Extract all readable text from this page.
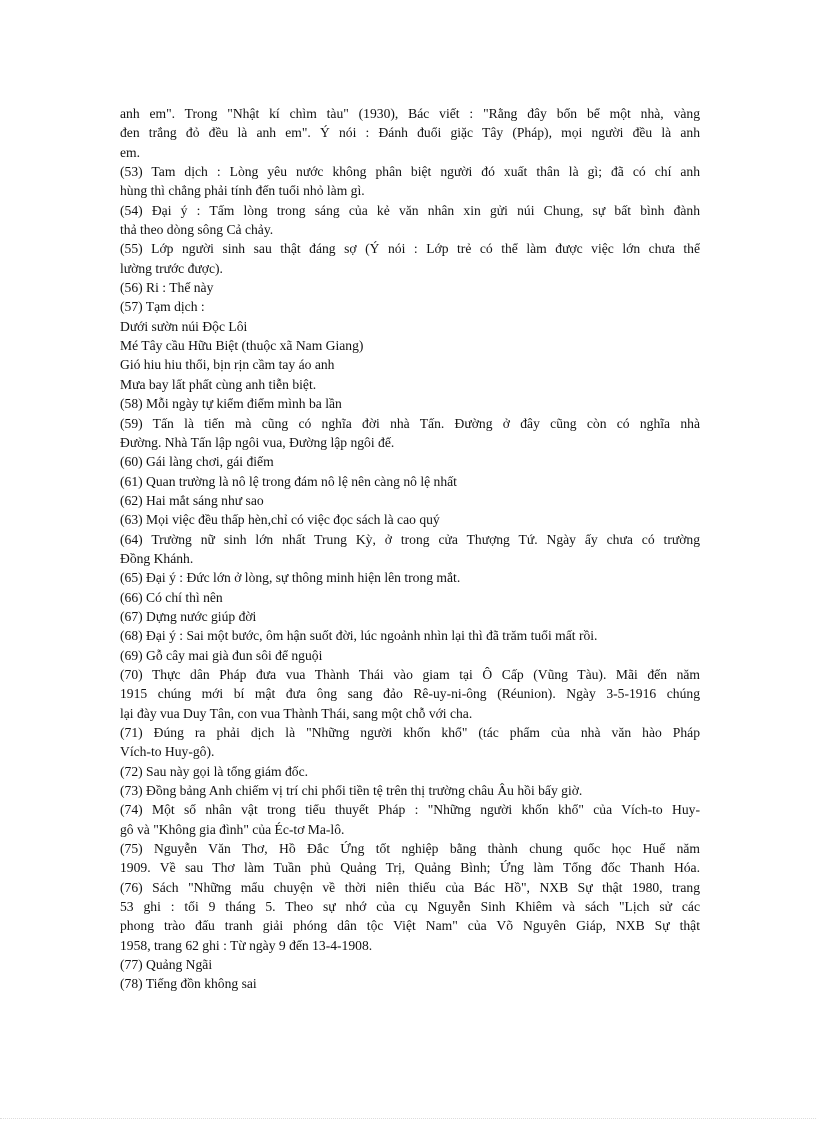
anh em". Trong "Nhật kí chìm tàu" (1930), Bác viết : "Rằng đây bốn bể một nhà, vàng
đen trắng đỏ đều là anh em". Ý nói : Đánh đuổi giặc Tây (Pháp), mọi người đều là anh
em.
(53) Tam dịch : Lòng yêu nước không phân biệt người đó xuất thân là gì; đã có chí anh
hùng thì chẳng phải tính đến tuổi nhỏ làm gì.
(54) Đại ý : Tấm lòng trong sáng của kẻ văn nhân xin gửi núi Chung, sự bất bình đành
thả theo dòng sông Cả chảy.
(55) Lớp người sinh sau thật đáng sợ (Ý nói : Lớp trẻ có thể làm được việc lớn chưa thể
lường trước được).
(56) Ri : Thế này
(57) Tạm dịch :
Dưới sườn núi Độc Lôi
Mé Tây cầu Hữu Biệt (thuộc xã Nam Giang)
Gió hiu hiu thổi, bịn rịn cầm tay áo anh
Mưa bay lất phất cùng anh tiễn biệt.
(58) Mỗi ngày tự kiểm điểm mình ba lần
(59) Tấn là tiến mà cũng có nghĩa đời nhà Tấn. Đường ở đây cũng còn có nghĩa nhà
Đường. Nhà Tấn lập ngôi vua, Đường lập ngôi đế.
(60) Gái làng chơi, gái điếm
(61) Quan trường là nô lệ trong đám nô lệ nên càng nô lệ nhất
(62) Hai mắt sáng như sao
(63) Mọi việc đều thấp hèn,chỉ có việc đọc sách là cao quý
(64) Trường nữ sinh lớn nhất Trung Kỳ, ở trong cửa Thượng Tứ. Ngày ấy chưa có trường
Đồng Khánh.
(65) Đại ý : Đức lớn ở lòng, sự thông minh hiện lên trong mắt.
(66) Có chí thì nên
(67) Dựng nước giúp đời
(68) Đại ý : Sai một bước, ôm hận suốt đời, lúc ngoảnh nhìn lại thì đã trăm tuổi mất rồi.
(69) Gỗ cây mai già đun sôi để nguội
(70) Thực dân Pháp đưa vua Thành Thái vào giam tại Ô Cấp (Vũng Tàu). Mãi đến năm
1915 chúng mới bí mật đưa ông sang đảo Rê-uy-ni-ông (Réunion). Ngày 3-5-1916 chúng
lại đày vua Duy Tân, con vua Thành Thái, sang một chỗ với cha.
(71) Đúng ra phải dịch là "Những người khốn khổ" (tác phẩm của nhà văn hào Pháp
Vích-to Huy-gô).
(72) Sau này gọi là tổng giám đốc.
(73) Đồng bảng Anh chiếm vị trí chi phối tiền tệ trên thị trường châu Âu hồi bấy giờ.
(74) Một số nhân vật trong tiểu thuyết Pháp : "Những người khốn khổ" của Vích-to Huy-
gô và "Không gia đình" của Éc-tơ Ma-lô.
(75) Nguyễn Văn Thơ, Hồ Đắc Ứng tốt nghiệp bằng thành chung quốc học Huế năm
1909. Về sau Thơ làm Tuần phủ Quảng Trị, Quảng Bình; Ứng làm Tổng đốc Thanh Hóa.
(76) Sách "Những mẩu chuyện về thời niên thiếu của Bác Hồ", NXB Sự thật 1980, trang
53 ghi : tối 9 tháng 5. Theo sự nhớ của cụ Nguyễn Sinh Khiêm và sách "Lịch sử các
phong trào đấu tranh giải phóng dân tộc Việt Nam" của Võ Nguyên Giáp, NXB Sự thật
1958, trang 62 ghi : Từ ngày 9 đến 13-4-1908.
(77) Quảng Ngãi
(78) Tiếng đồn không sai
